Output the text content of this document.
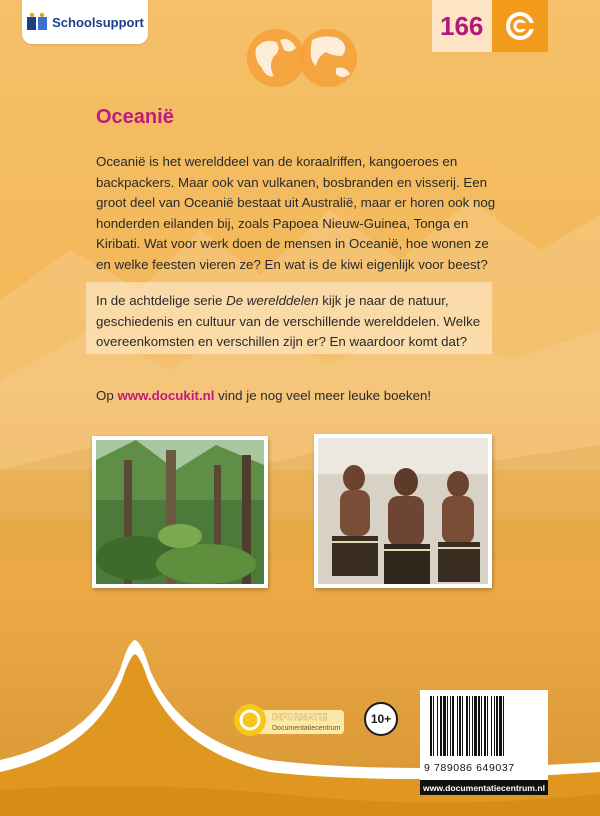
Schoolsupport	166
Oceanië

Oceanië is het werelddeel van de koraalriffen, kangoeroes en backpackers. Maar ook van vulkanen, bosbranden en visserij. Een groot deel van Oceanië bestaat uit Australië, maar er horen ook nog honderden eilanden bij, zoals Papoea Nieuw-Guinea, Tonga en Kiribati. Wat voor werk doen de mensen in Oceanië, hoe wonen ze en welke feesten vieren ze? En wat is de kiwi eigenlijk voor beest?

In de achtdelige serie De werelddelen kijk je naar de natuur, geschiedenis en cultuur van de verschillende werelddelen. Welke overeenkomsten en verschillen zijn er? En waardoor komt dat?

Op www.docukit.nl vind je nog veel meer leuke boeken!

INFORMATIE
Documentatiecentrum
10+
9 789086 649037
www.documentatiecentrum.nl
